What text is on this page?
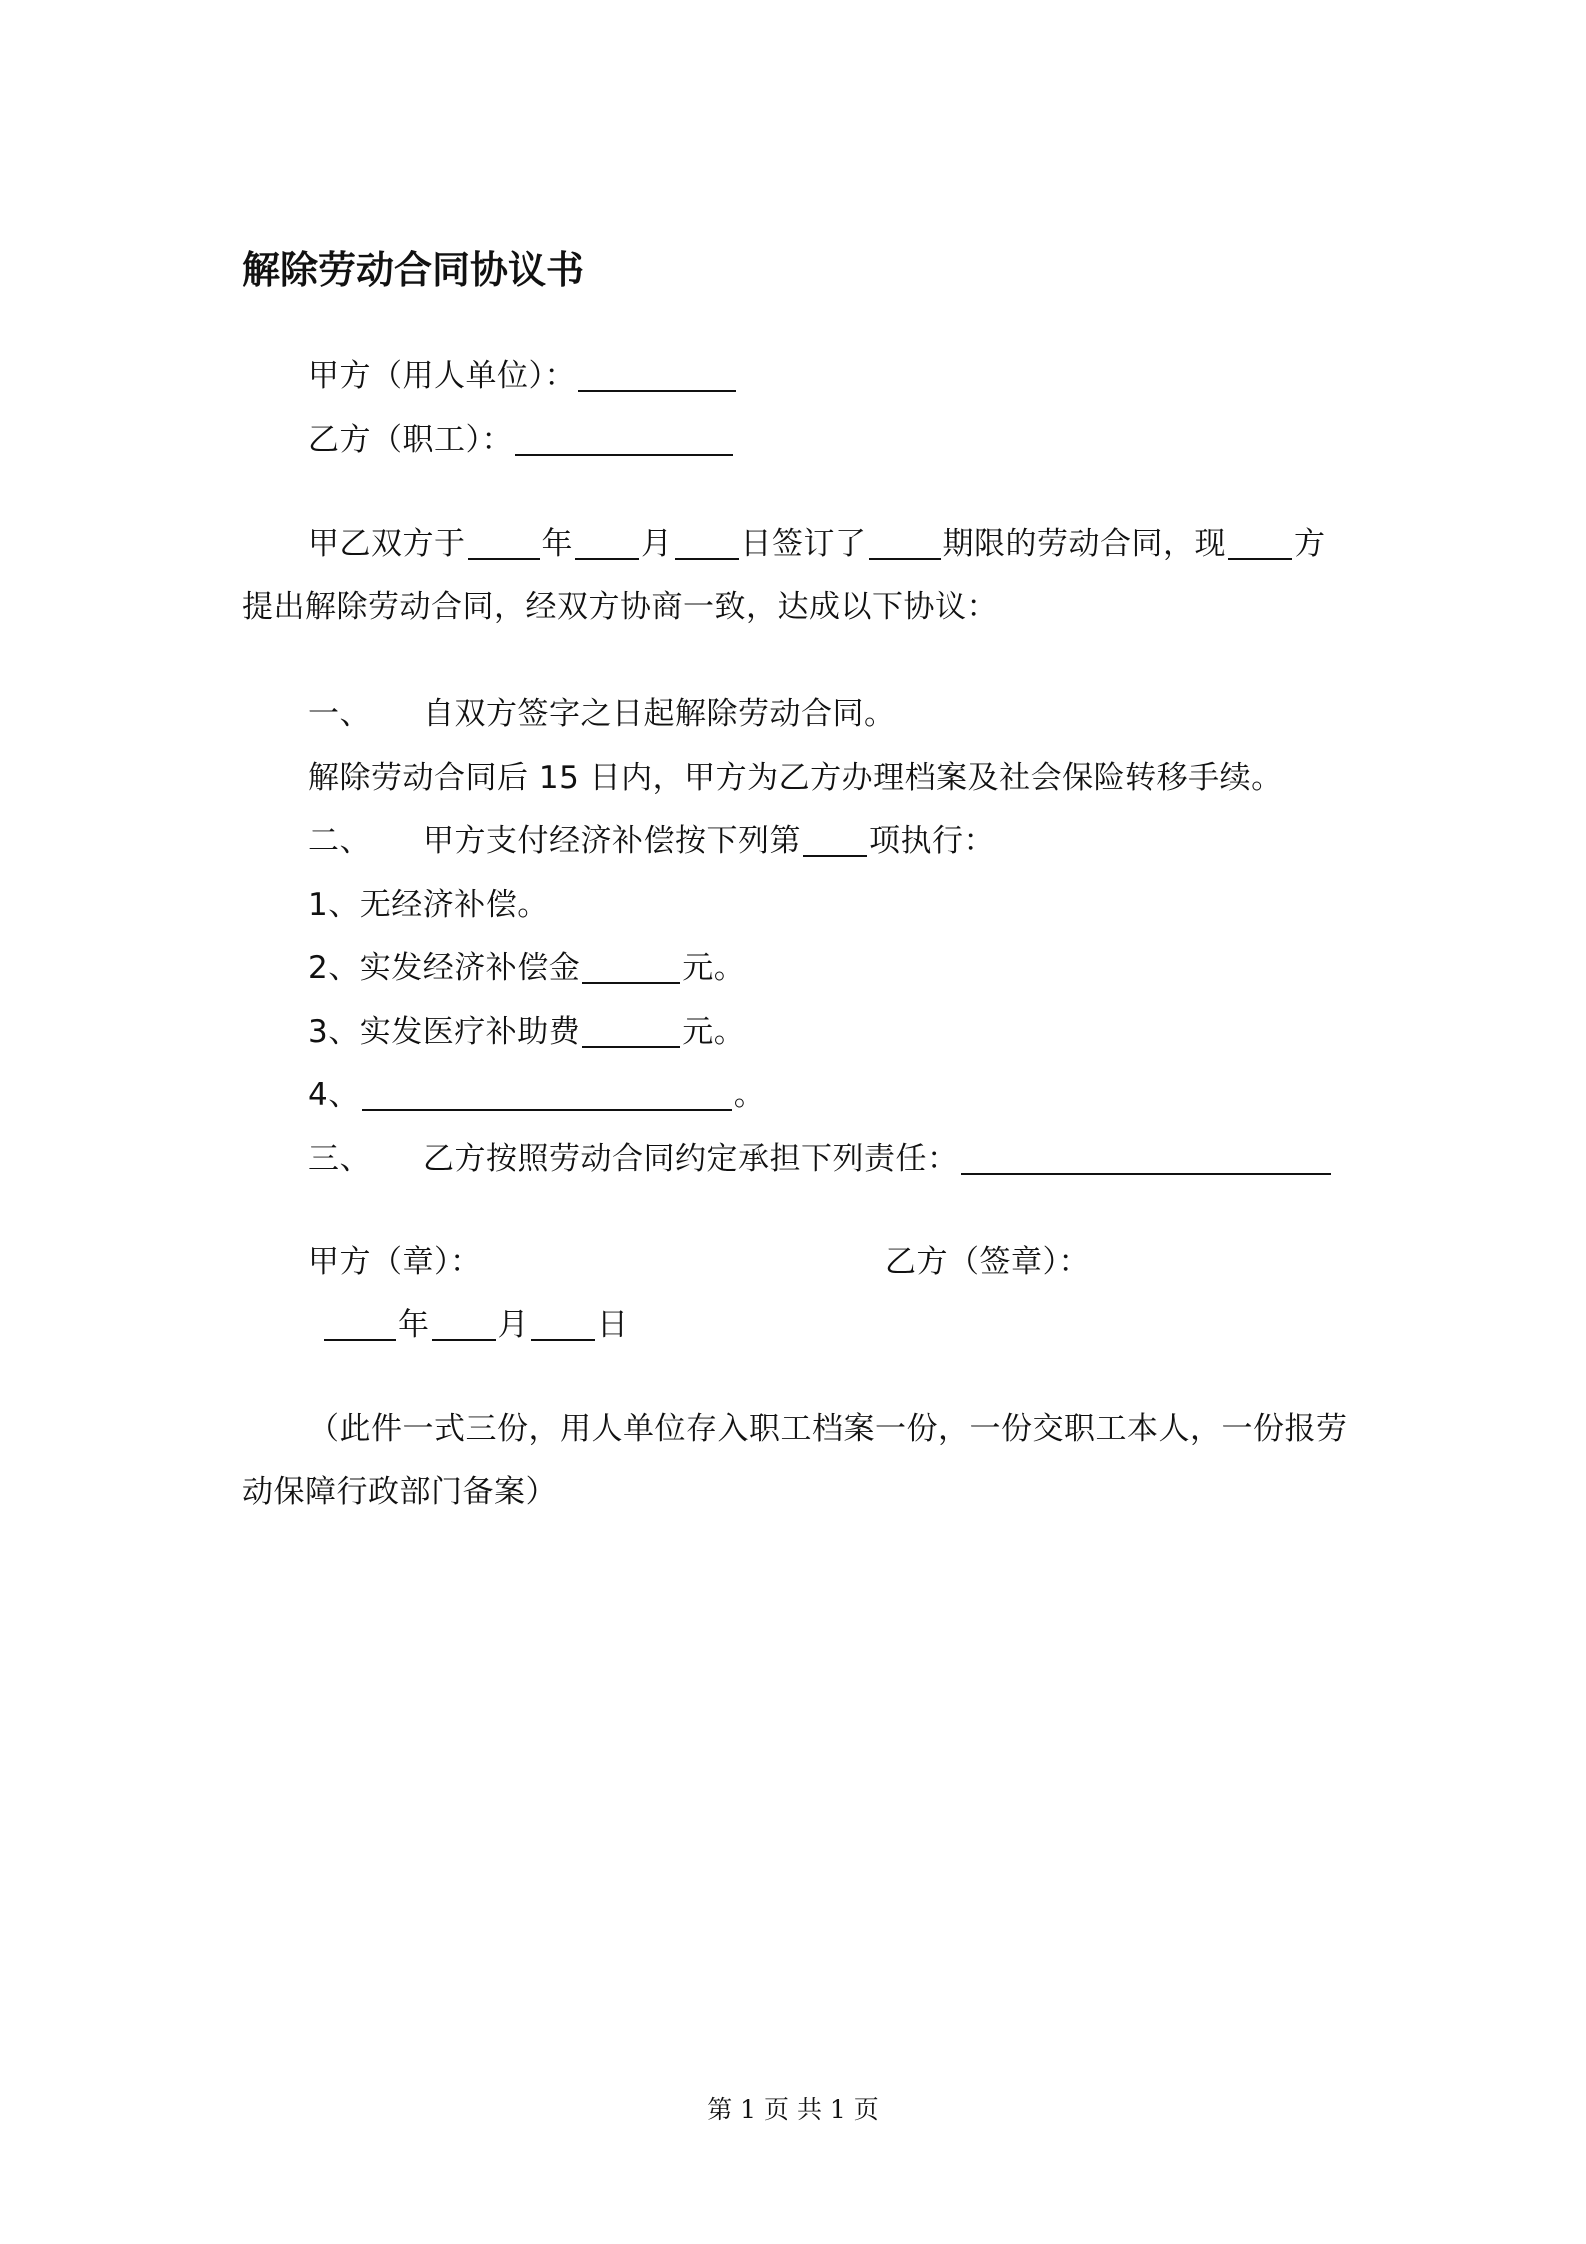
解除劳动合同协议书
甲方（用人单位）：
乙方（职工）：
甲乙双方于 年 月 日签订了 期限的劳动合同，现 方
提出解除劳动合同，经双方协商一致，达成以下协议：
一、 自双方签字之日起解除劳动合同。
解除劳动合同后 15 日内，甲方为乙方办理档案及社会保险转移手续。
二、 甲方支付经济补偿按下列第 项执行：
1、无经济补偿。
2、实发经济补偿金	元。
3、实发医疗补助费	元。
4、	。
三、 乙方按照劳动合同约定承担下列责任：
甲方（章）：	乙方（签章）：
年 月 日
（此件一式三份，用人单位存入职工档案一份，一份交职工本人，一份报劳
动保障行政部门备案）
第 1 页 共 1 页
